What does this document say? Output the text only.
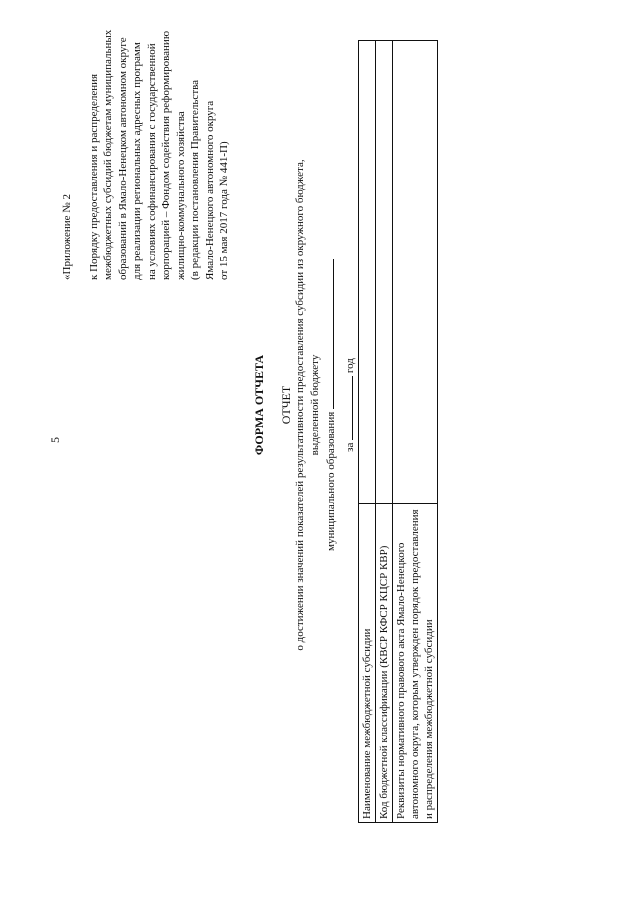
5
«Приложение № 2 к Порядку предоставления и распределения межбюджетных субсидий бюджетам муниципальных образований в Ямало-Ненецком автономном округе для реализации региональных адресных программ на условиях софинансирования с государственной корпорацией – Фондом содействия реформированию жилищно-коммунального хозяйства (в редакции постановления Правительства Ямало-Ненецкого автономного округа от 15 мая 2017 года № 441-П)
ФОРМА ОТЧЕТА ОТЧЕТ о достижении значений показателей результативности предоставления субсидии из окружного бюджета, выделенной бюджету
муниципального образования за  год
Наименование межбюджетной субсидии	
Код бюджетной классификации (КВСР КФСР КЦСР КВР)	
Реквизиты нормативного правового акта Ямало-Ненецкого автономного округа, которым утвержден порядок предоставления и распределения межбюджетной субсидии	
